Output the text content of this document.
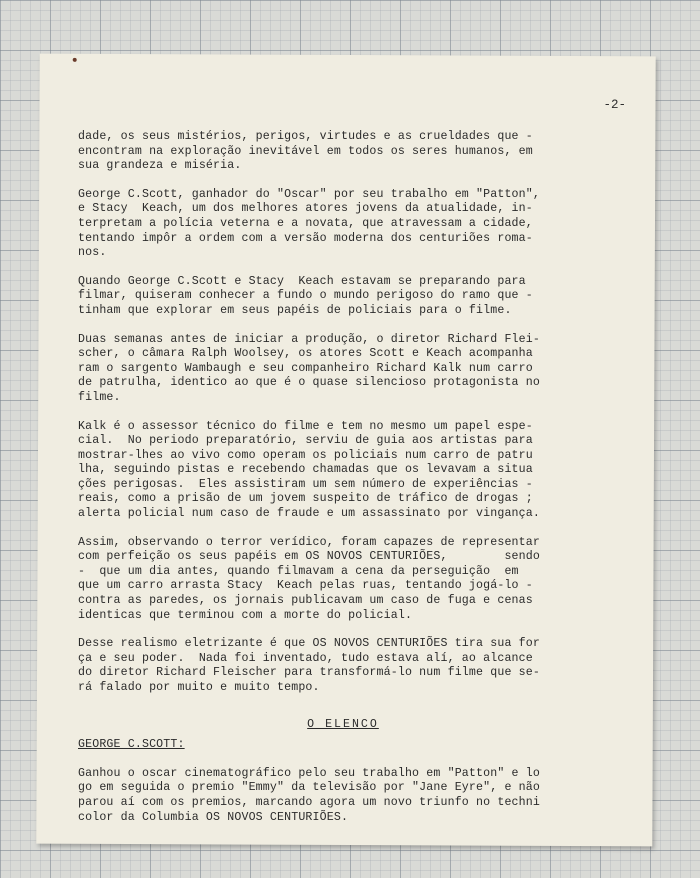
-2-

dade, os seus mistérios, perigos, virtudes e as crueldades que -
encontram na exploração inevitável em todos os seres humanos, em
sua grandeza e miséria.

George C.Scott, ganhador do "Oscar" por seu trabalho em "Patton",
e Stacy  Keach, um dos melhores atores jovens da atualidade, in-
terpretam a polícia veterna e a novata, que atravessam a cidade,
tentando impôr a ordem com a versão moderna dos centuriões roma-
nos.

Quando George C.Scott e Stacy  Keach estavam se preparando para
filmar, quiseram conhecer a fundo o mundo perigoso do ramo que -
tinham que explorar em seus papéis de policiais para o filme.

Duas semanas antes de iniciar a produção, o diretor Richard Flei-
scher, o câmara Ralph Woolsey, os atores Scott e Keach acompanha
ram o sargento Wambaugh e seu companheiro Richard Kalk num carro
de patrulha, identico ao que é o quase silencioso protagonista no
filme.

Kalk é o assessor técnico do filme e tem no mesmo um papel espe-
cial.  No periodo preparatório, serviu de guia aos artistas para
mostrar-lhes ao vivo como operam os policiais num carro de patru
lha, seguindo pistas e recebendo chamadas que os levavam a situa
ções perigosas.  Eles assistiram um sem número de experiências -
reais, como a prisão de um jovem suspeito de tráfico de drogas ;
alerta policial num caso de fraude e um assassinato por vingança.

Assim, observando o terror verídico, foram capazes de representar
com perfeição os seus papéis em OS NOVOS CENTURIÕES,        sendo
-  que um dia antes, quando filmavam a cena da perseguição  em
que um carro arrasta Stacy  Keach pelas ruas, tentando jogá-lo -
contra as paredes, os jornais publicavam um caso de fuga e cenas
identicas que terminou com a morte do policial.

Desse realismo eletrizante é que OS NOVOS CENTURIÕES tira sua for
ça e seu poder.  Nada foi inventado, tudo estava alí, ao alcance
do diretor Richard Fleischer para transformá-lo num filme que se-
rá falado por muito e muito tempo.

O ELENCO
GEORGE C.SCOTT:

Ganhou o oscar cinematográfico pelo seu trabalho em "Patton" e lo
go em seguida o premio "Emmy" da televisão por "Jane Eyre", e não
parou aí com os premios, marcando agora um novo triunfo no techni
color da Columbia OS NOVOS CENTURIÕES.
